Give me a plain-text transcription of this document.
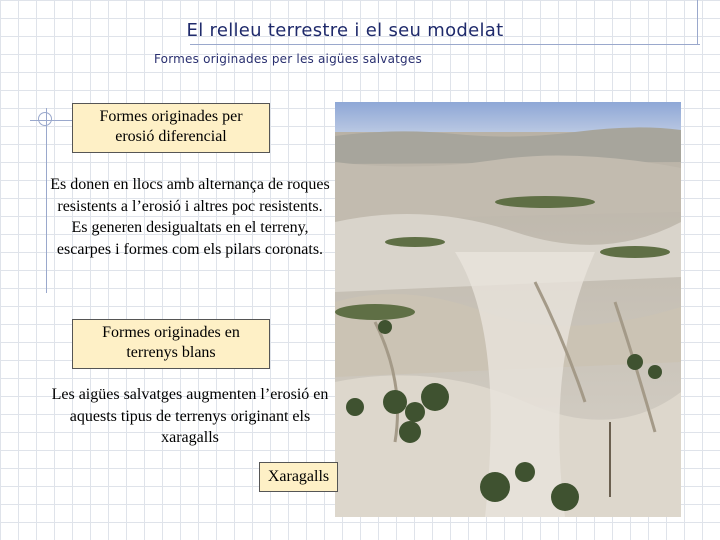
El relleu terrestre i el seu modelat
Formes originades per les aigües salvatges
Formes originades per erosió diferencial
Es donen en llocs amb alternança de roques resistents a l’erosió i altres poc resistents. Es generen desigualtats en el terreny, escarpes i formes com els pilars coronats.
Formes originades en terrenys blans
Les aigües salvatges augmenten l’erosió en aquests tipus de terrenys originant els xaragalls
Xaragalls
